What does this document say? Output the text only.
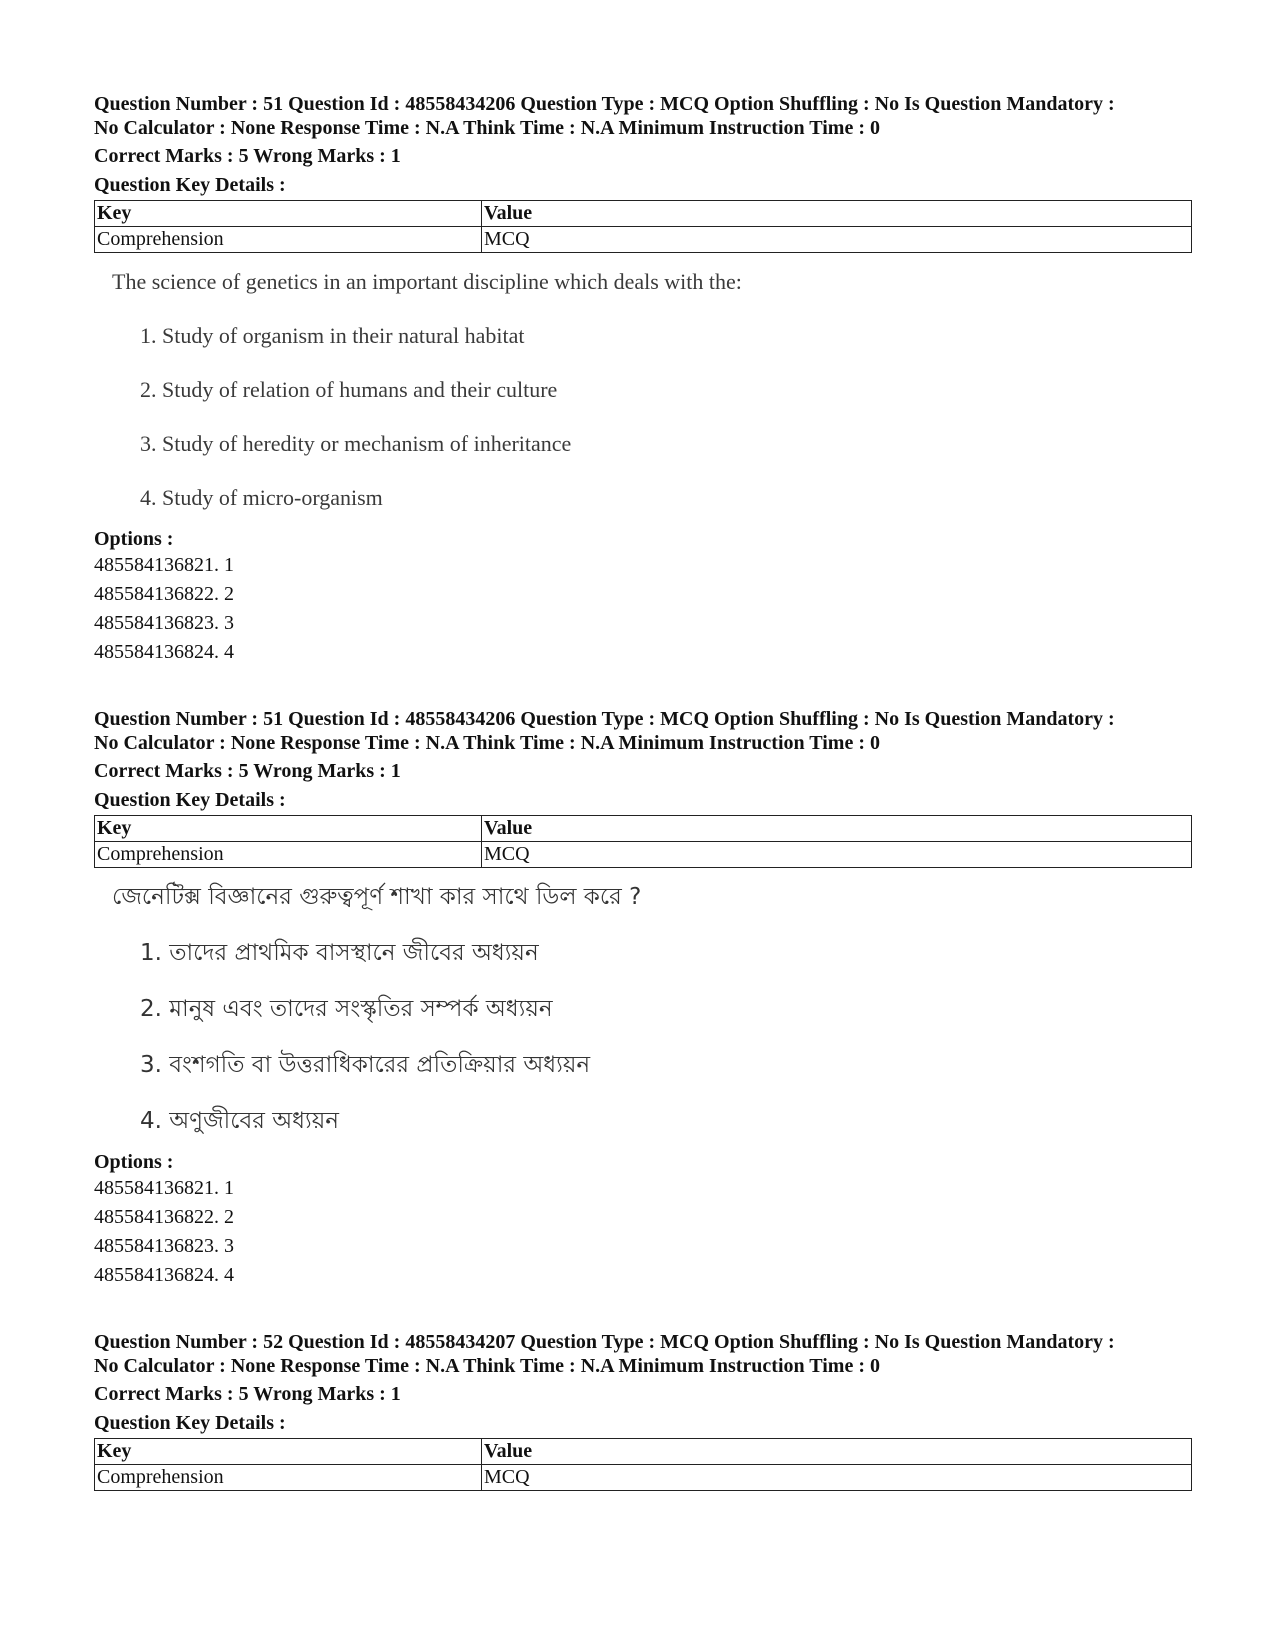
Question Number : 51 Question Id : 48558434206 Question Type : MCQ Option Shuffling : No Is Question Mandatory :
No Calculator : None Response Time : N.A Think Time : N.A Minimum Instruction Time : 0
Correct Marks : 5 Wrong Marks : 1
Question Key Details :
Key	Value
Comprehension	MCQ
The science of genetics in an important discipline which deals with the:
1. Study of organism in their natural habitat
2. Study of relation of humans and their culture
3. Study of heredity or mechanism of inheritance
4. Study of micro-organism
Options :
485584136821. 1
485584136822. 2
485584136823. 3
485584136824. 4
Question Number : 51 Question Id : 48558434206 Question Type : MCQ Option Shuffling : No Is Question Mandatory :
No Calculator : None Response Time : N.A Think Time : N.A Minimum Instruction Time : 0
Correct Marks : 5 Wrong Marks : 1
Question Key Details :
Key	Value
Comprehension	MCQ
জেনেটিক্স বিজ্ঞানের গুরুত্বপূর্ণ শাখা কার সাথে ডিল করে ?
1. তাদের প্রাথমিক বাসস্থানে জীবের অধ্যয়ন
2. মানুষ এবং তাদের সংস্কৃতির সম্পর্ক অধ্যয়ন
3. বংশগতি বা উত্তরাধিকারের প্রতিক্রিয়ার অধ্যয়ন
4. অণুজীবের অধ্যয়ন
Options :
485584136821. 1
485584136822. 2
485584136823. 3
485584136824. 4
Question Number : 52 Question Id : 48558434207 Question Type : MCQ Option Shuffling : No Is Question Mandatory :
No Calculator : None Response Time : N.A Think Time : N.A Minimum Instruction Time : 0
Correct Marks : 5 Wrong Marks : 1
Question Key Details :
Key	Value
Comprehension	MCQ
